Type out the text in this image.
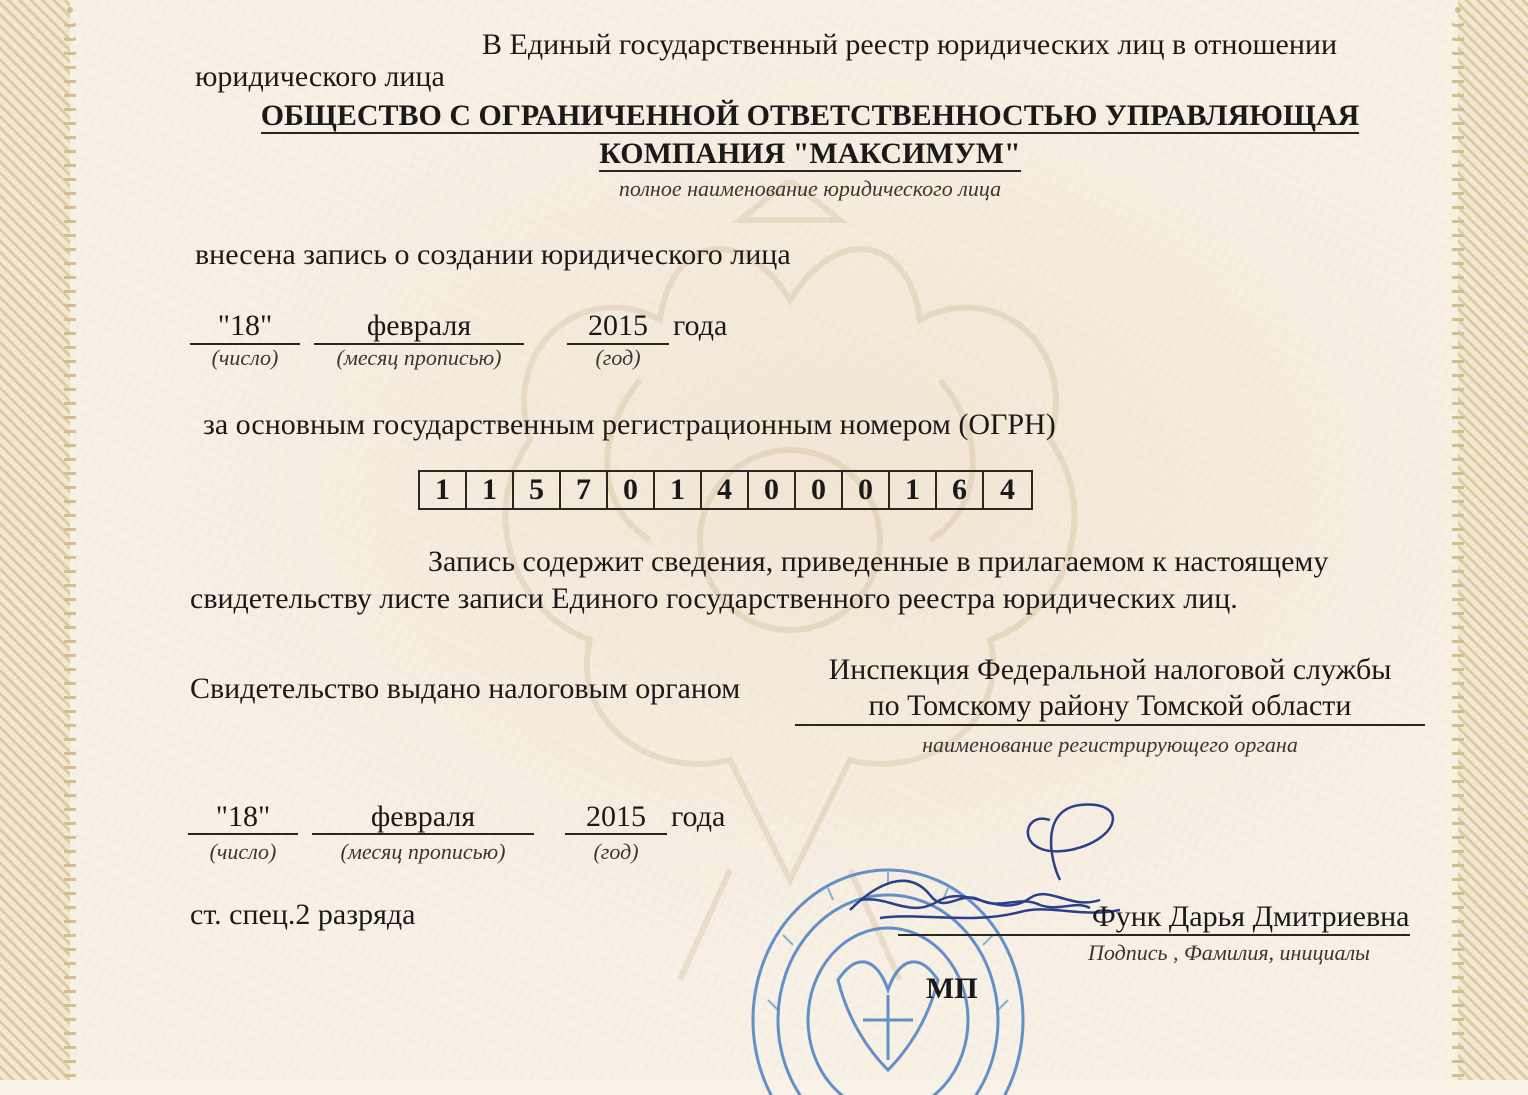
В Единый государственный реестр юридических лиц в отношении
юридического лица
ОБЩЕСТВО С ОГРАНИЧЕННОЙ ОТВЕТСТВЕННОСТЬЮ УПРАВЛЯЮЩАЯ
КОМПАНИЯ "МАКСИМУМ"
полное наименование юридического лица
внесена запись о создании юридического лица
"18"	февраля	2015 года
(число)	(месяц прописью)	(год)
за основным государственным регистрационным номером (ОГРН)
1	1	5	7	0	1	4	0	0	0	1	6	4
Запись содержит сведения, приведенные в прилагаемом к настоящему
свидетельству листе записи Единого государственного реестра юридических лиц.
Свидетельство выдано налоговым органом
Инспекция Федеральной налоговой службы
по Томскому району Томской области
наименование регистрирующего органа
"18"	февраля	2015 года
(число)	(месяц прописью)	(год)
ст. спец.2 разряда	Функ Дарья Дмитриевна
Подпись , Фамилия, инициалы
МП
